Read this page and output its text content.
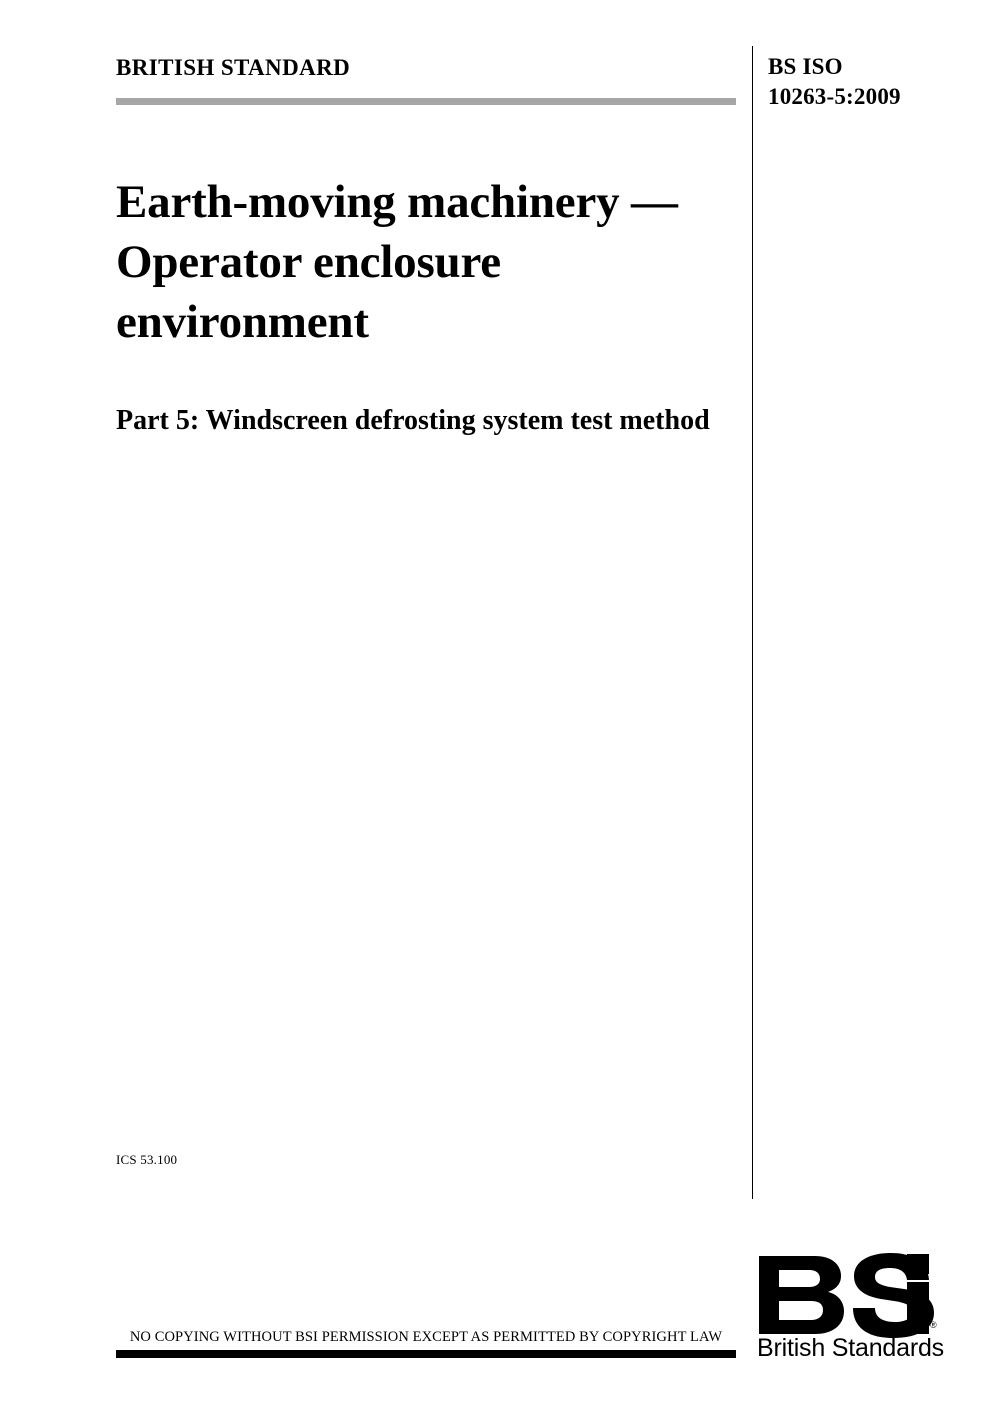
BRITISH STANDARD	BS ISO
10263-5:2009
Earth-moving machinery — Operator enclosure environment
Part 5: Windscreen defrosting system test method
ICS 53.100
NO COPYING WITHOUT BSI PERMISSION EXCEPT AS PERMITTED BY COPYRIGHT LAW
®
British Standards
